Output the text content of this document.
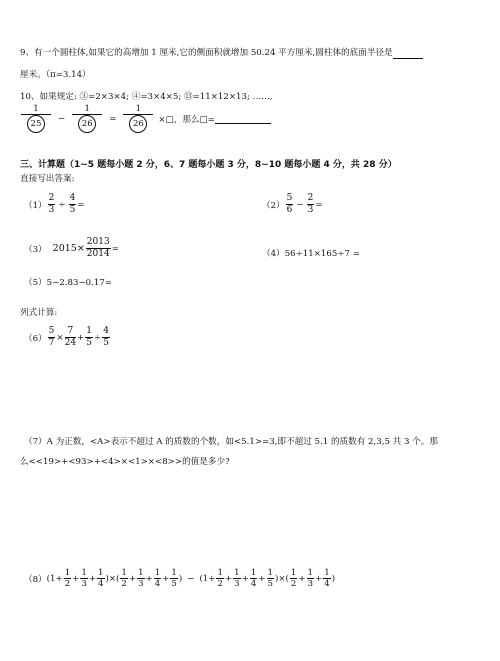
9、有一个圆柱体,如果它的高增加 1 厘米,它的侧面积就增加 50.24 平方厘米,圆柱体的底面半径是
厘米。（π=3.14）
10、如果规定: ③=2×3×4; ④=3×4×5; ⑬=11×12×13; ……,
$\frac{1}{25} - \frac{1}{26} = \frac{1}{26}$ ×□，那么□=

三、计算题（1~5 题每小题 2 分，6、7 题每小题 3 分，8~10 题每小题 4 分，共 28 分）
直接写出答案:
$(1) \frac{2}{3} \div \frac{4}{5}$ =	$(2) \frac{5}{6} - \frac{2}{3}$ =
（3） $2015\times \frac{2013}{2014}$ =
（4）56÷11×165÷7 =
（5）5−2.83−0.17=
列式计算:
$(6) \frac{5}{7} \times \frac{7}{24} + \frac{1}{5} \div \frac{4}{5}$
（7）A 为正数，<A>表示不超过 A 的质数的个数，如<5.1>=3,即不超过 5.1 的质数有 2,3,5 共 3 个。那
么<<19>+<93>+<4>×<1>×<8>>的值是多少?
（8） ($1+ \frac{1}{2} + \frac{1}{3} + \frac{1}{4}$ )×( $\frac{1}{2} + \frac{1}{3} + \frac{1}{4} + \frac{1}{5}$ ) − ($1+ \frac{1}{2} + \frac{1}{3} + \frac{1}{4} + \frac{1}{5}$ )×( $\frac{1}{2} + \frac{1}{3} + \frac{1}{4}$ )
